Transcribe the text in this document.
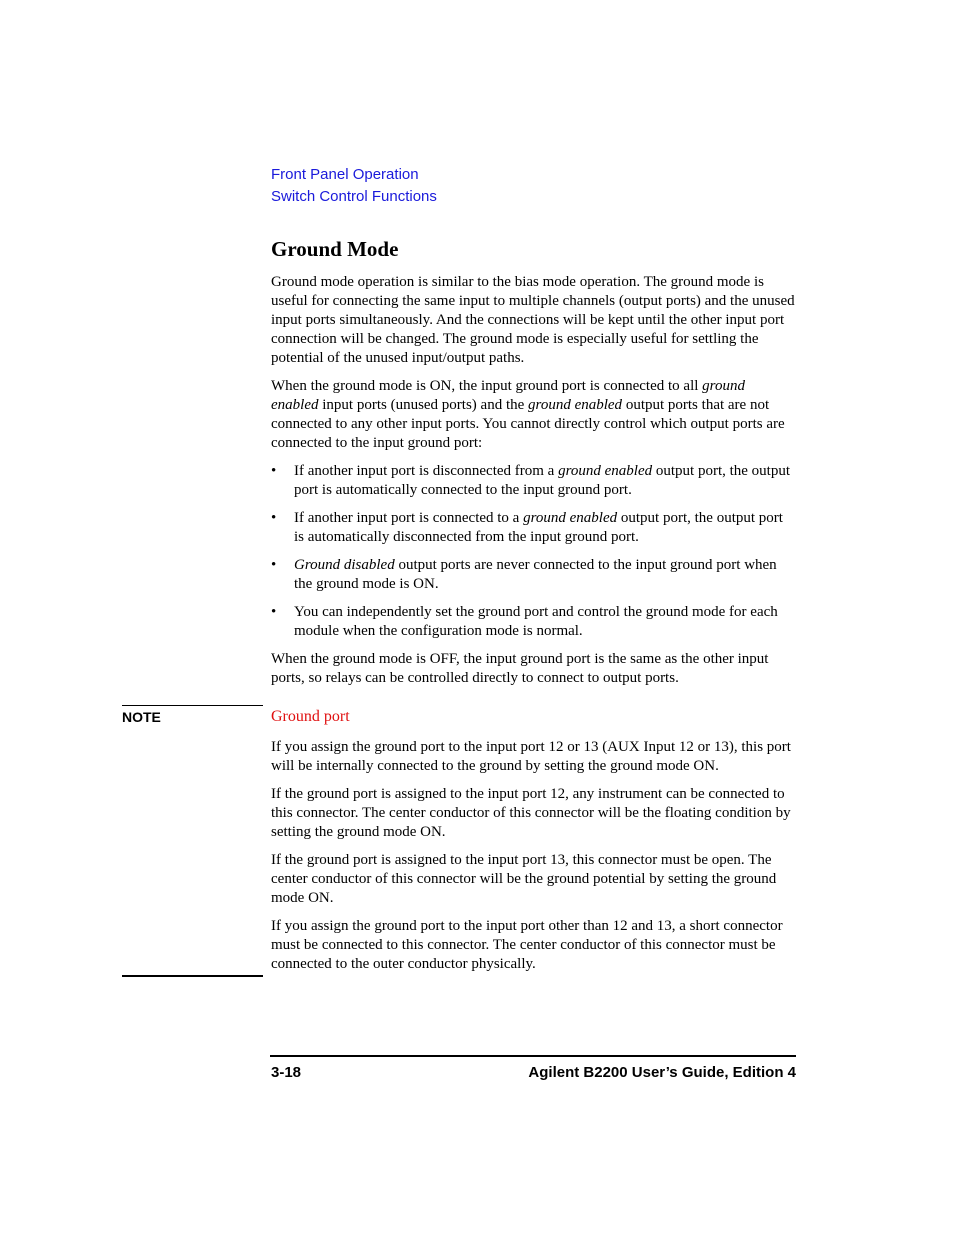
Front Panel Operation
Switch Control Functions
Ground Mode

Ground mode operation is similar to the bias mode operation. The ground mode is useful for connecting the same input to multiple channels (output ports) and the unused input ports simultaneously. And the connections will be kept until the other input port connection will be changed. The ground mode is especially useful for settling the potential of the unused input/output paths.

When the ground mode is ON, the input ground port is connected to all ground enabled input ports (unused ports) and the ground enabled output ports that are not connected to any other input ports. You cannot directly control which output ports are connected to the input ground port:

• If another input port is disconnected from a ground enabled output port, the output port is automatically connected to the input ground port.
• If another input port is connected to a ground enabled output port, the output port is automatically disconnected from the input ground port.
• Ground disabled output ports are never connected to the input ground port when the ground mode is ON.
• You can independently set the ground port and control the ground mode for each module when the configuration mode is normal.

When the ground mode is OFF, the input ground port is the same as the other input ports, so relays can be controlled directly to connect to output ports.

NOTE	Ground port

If you assign the ground port to the input port 12 or 13 (AUX Input 12 or 13), this port will be internally connected to the ground by setting the ground mode ON.

If the ground port is assigned to the input port 12, any instrument can be connected to this connector. The center conductor of this connector will be the floating condition by setting the ground mode ON.

If the ground port is assigned to the input port 13, this connector must be open. The center conductor of this connector will be the ground potential by setting the ground mode ON.

If you assign the ground port to the input port other than 12 and 13, a short connector must be connected to this connector. The center conductor of this connector must be connected to the outer conductor physically.

3-18	Agilent B2200 User’s Guide, Edition 4
